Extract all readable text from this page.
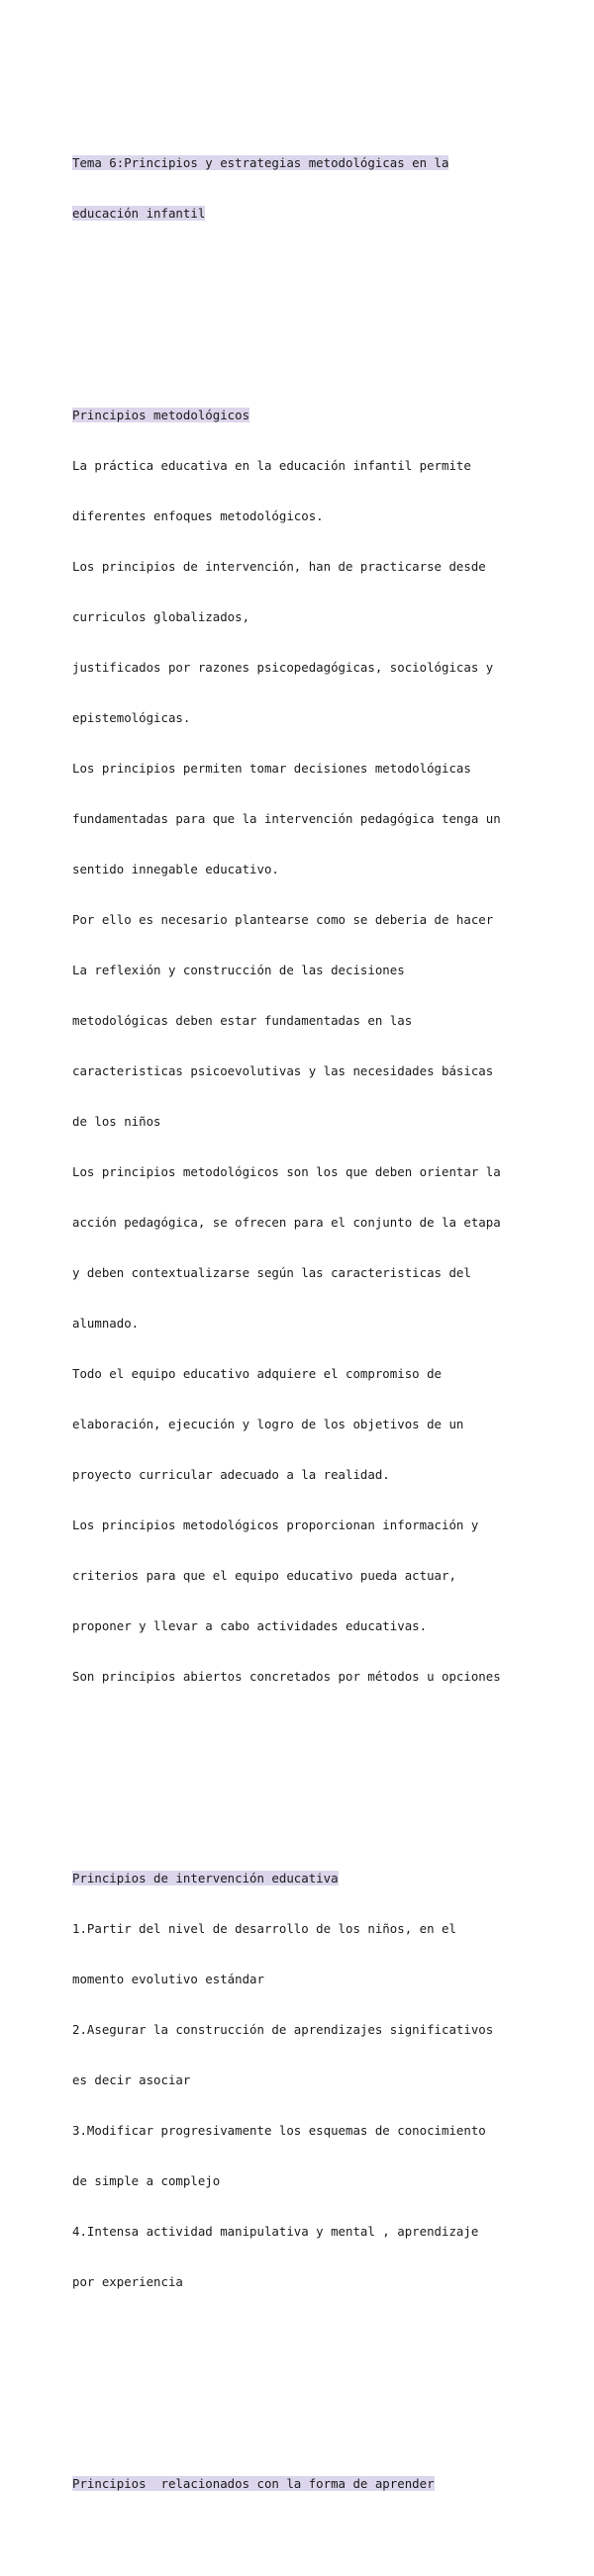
Tema 6:Principios y estrategias metodológicas en la

educación infantil

Principios metodológicos

La práctica educativa en la educación infantil permite

diferentes enfoques metodológicos.

Los principios de intervención, han de practicarse desde

curriculos globalizados,

justificados por razones psicopedagógicas, sociológicas y

epistemológicas.

Los principios permiten tomar decisiones metodológicas

fundamentadas para que la intervención pedagógica tenga un

sentido innegable educativo.

Por ello es necesario plantearse como se deberia de hacer

La reflexión y construcción de las decisiones

metodológicas deben estar fundamentadas en las

caracteristicas psicoevolutivas y las necesidades básicas

de los niños

Los principios metodológicos son los que deben orientar la

acción pedagógica, se ofrecen para el conjunto de la etapa

y deben contextualizarse según las caracteristicas del

alumnado.

Todo el equipo educativo adquiere el compromiso de

elaboración, ejecución y logro de los objetivos de un

proyecto curricular adecuado a la realidad.

Los principios metodológicos proporcionan información y

criterios para que el equipo educativo pueda actuar,

proponer y llevar a cabo actividades educativas.

Son principios abiertos concretados por métodos u opciones

Principios de intervención educativa

1.Partir del nivel de desarrollo de los niños, en el

momento evolutivo estándar

2.Asegurar la construcción de aprendizajes significativos

es decir asociar

3.Modificar progresivamente los esquemas de conocimiento

de simple a complejo

4.Intensa actividad manipulativa y mental , aprendizaje

por experiencia

Principios  relacionados con la forma de aprender
